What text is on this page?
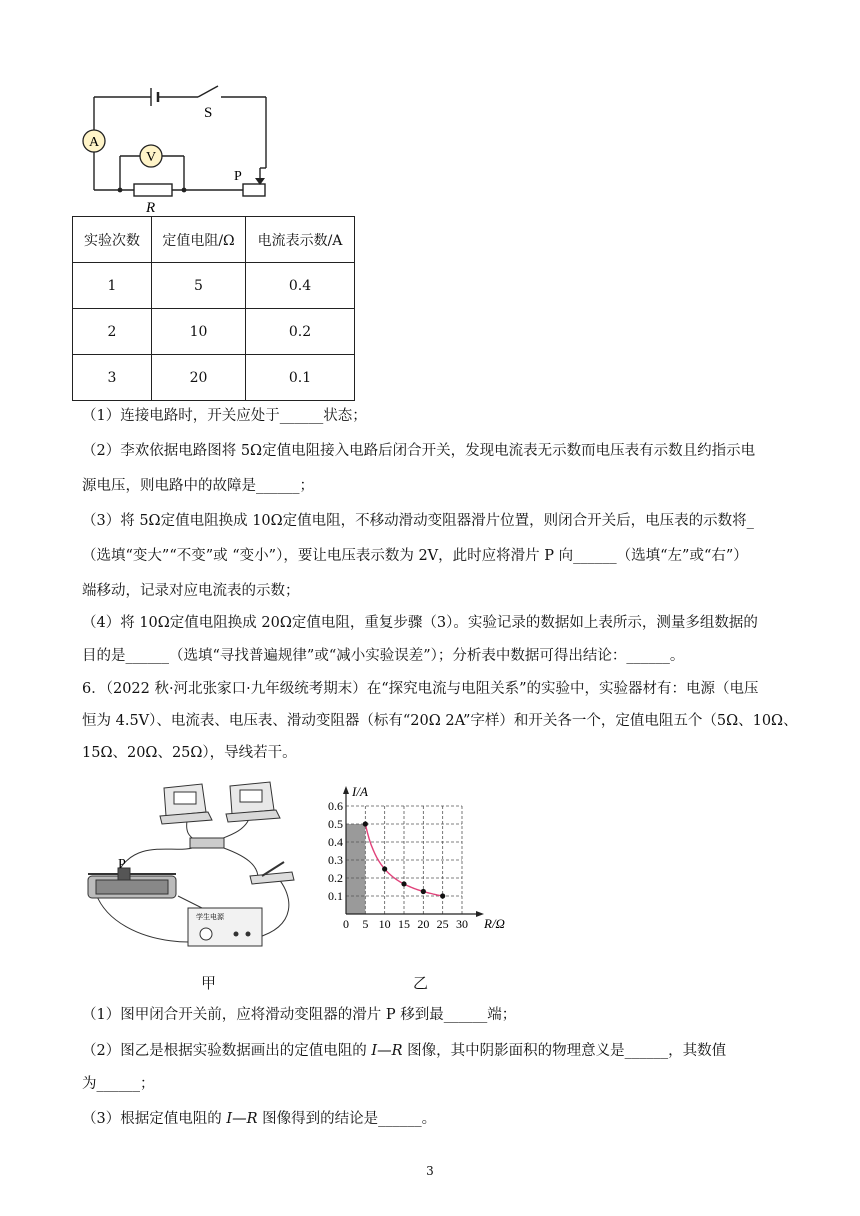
A
V
S
P
R
实验次数	定值电阻/Ω	电流表示数/A
1	5	0.4
2	10	0.2
3	20	0.1
（1）连接电路时，开关应处于______状态；
（2）李欢依据电路图将 5Ω定值电阻接入电路后闭合开关，发现电流表无示数而电压表有示数且约指示电
源电压，则电路中的故障是______；
（3）将 5Ω定值电阻换成 10Ω定值电阻，不移动滑动变阻器滑片位置，则闭合开关后，电压表的示数将_
（选填“变大”“不变”或 “变小”），要让电压表示数为 2V，此时应将滑片 P 向______（选填“左”或“右”）
端移动，记录对应电流表的示数；
（4）将 10Ω定值电阻换成 20Ω定值电阻，重复步骤（3）。实验记录的数据如上表所示，测量多组数据的
目的是______（选填“寻找普遍规律”或“减小实验误差”）；分析表中数据可得出结论：______。
6．（2022 秋·河北张家口·九年级统考期末）在“探究电流与电阻关系”的实验中，实验器材有：电源（电压
恒为 4.5V）、电流表、电压表、滑动变阻器（标有“20Ω 2A”字样）和开关各一个，定值电阻五个（5Ω、10Ω、
15Ω、20Ω、25Ω），导线若干。
P
学生电源
甲
0 5 10 15 20 25 30
0.1
0.2
0.3
0.4
0.5
0.6
R/Ω
I/A
乙
（1）图甲闭合开关前，应将滑动变阻器的滑片 P 移到最______端；
（2）图乙是根据实验数据画出的定值电阻的 I—R 图像，其中阴影面积的物理意义是______，其数值
为______；
（3）根据定值电阻的 I—R 图像得到的结论是______。
3
